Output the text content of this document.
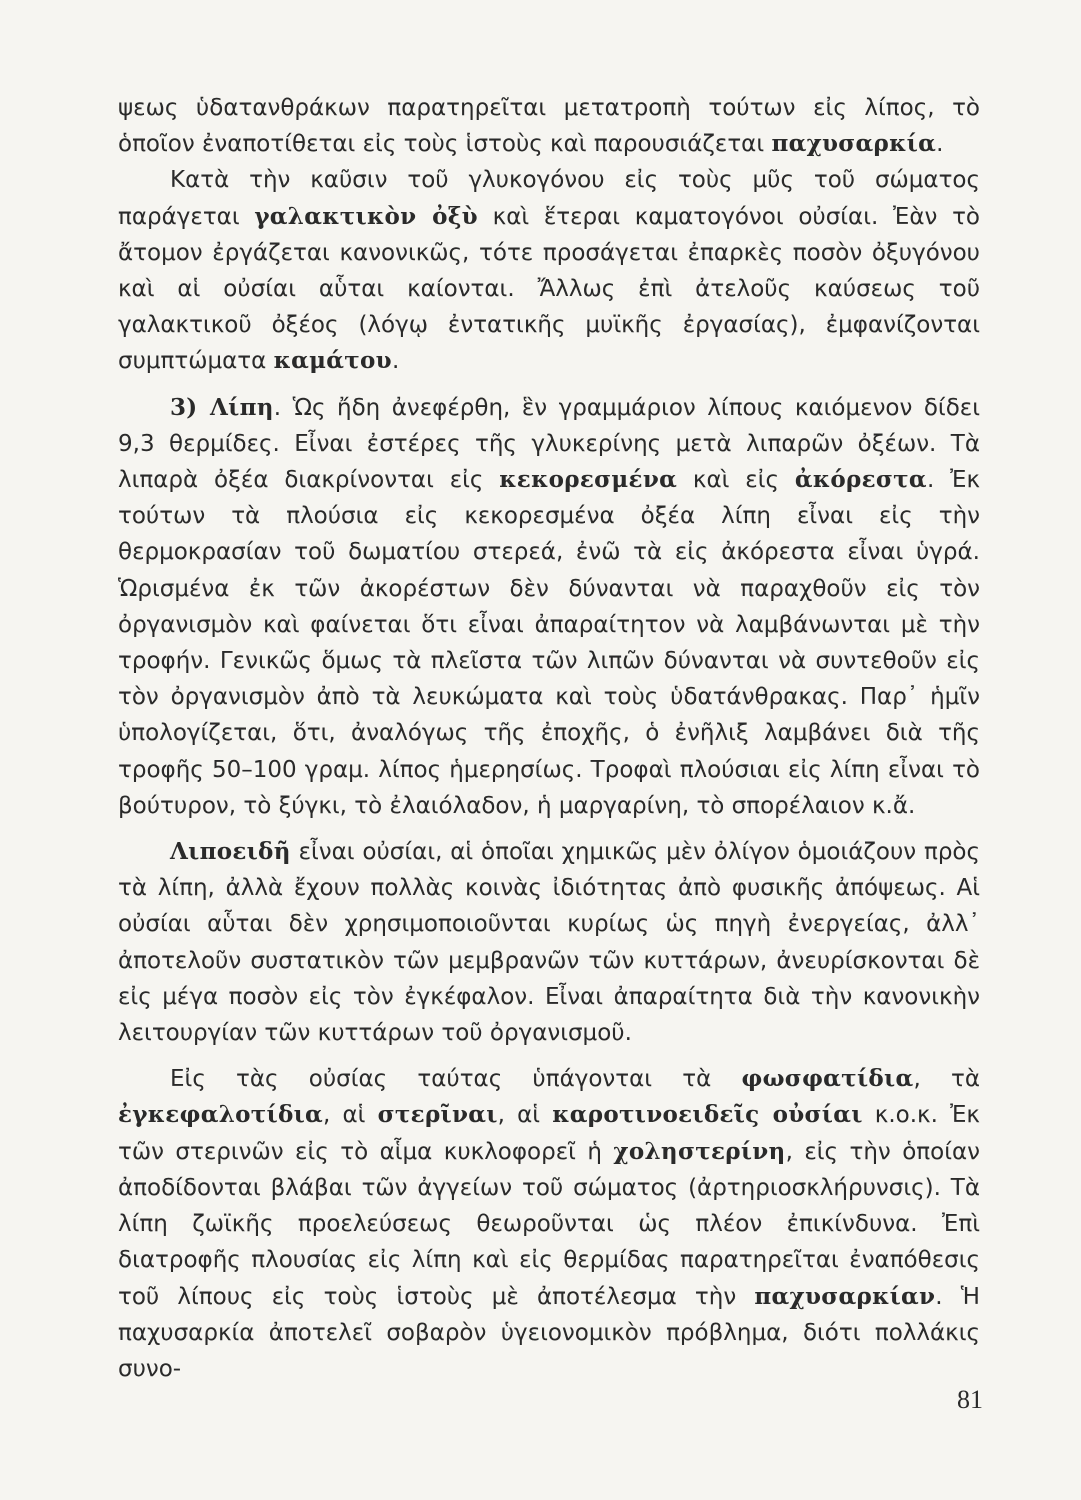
ψεως ὑδατανθράκων παρατηρεῖται μετατροπὴ τούτων εἰς λίπος, τὸ ὁποῖον ἐναποτίθεται εἰς τοὺς ἱστοὺς καὶ παρουσιάζεται παχυσαρκία.

Κατὰ τὴν καῦσιν τοῦ γλυκογόνου εἰς τοὺς μῦς τοῦ σώματος παράγεται γαλακτικὸν ὀξὺ καὶ ἕτεραι καματογόνοι οὐσίαι. Ἐὰν τὸ ἄτομον ἐργάζεται κανονικῶς, τότε προσάγεται ἐπαρκὲς ποσὸν ὀξυγόνου καὶ αἱ οὐσίαι αὗται καίονται. Ἄλλως ἐπὶ ἀτελοῦς καύσεως τοῦ γαλακτικοῦ ὀξέος (λόγῳ ἐντατικῆς μυϊκῆς ἐργασίας), ἐμφανίζονται συμπτώματα καμάτου.

3) Λίπη. Ὡς ἤδη ἀνεφέρθη, ἓν γραμμάριον λίπους καιόμενον δίδει 9,3 θερμίδες. Εἶναι ἐστέρες τῆς γλυκερίνης μετὰ λιπαρῶν ὀξέων. Τὰ λιπαρὰ ὀξέα διακρίνονται εἰς κεκορεσμένα καὶ εἰς ἀκόρεστα. Ἐκ τούτων τὰ πλούσια εἰς κεκορεσμένα ὀξέα λίπη εἶναι εἰς τὴν θερμοκρασίαν τοῦ δωματίου στερεά, ἐνῶ τὰ εἰς ἀκόρεστα εἶναι ὑγρά. Ὡρισμένα ἐκ τῶν ἀκορέστων δὲν δύνανται νὰ παραχθοῦν εἰς τὸν ὀργανισμὸν καὶ φαίνεται ὅτι εἶναι ἀπαραίτητον νὰ λαμβάνωνται μὲ τὴν τροφήν. Γενικῶς ὅμως τὰ πλεῖστα τῶν λιπῶν δύνανται νὰ συντεθοῦν εἰς τὸν ὀργανισμὸν ἀπὸ τὰ λευκώματα καὶ τοὺς ὑδατάνθρακας. Παρ᾽ ἡμῖν ὑπολογίζεται, ὅτι, ἀναλόγως τῆς ἐποχῆς, ὁ ἐνῆλιξ λαμβάνει διὰ τῆς τροφῆς 50–100 γραμ. λίπος ἡμερησίως. Τροφαὶ πλούσιαι εἰς λίπη εἶναι τὸ βούτυρον, τὸ ξύγκι, τὸ ἐλαιόλαδον, ἡ μαργαρίνη, τὸ σπορέλαιον κ.ἄ.

Λιποειδῆ εἶναι οὐσίαι, αἱ ὁποῖαι χημικῶς μὲν ὀλίγον ὁμοιάζουν πρὸς τὰ λίπη, ἀλλὰ ἔχουν πολλὰς κοινὰς ἰδιότητας ἀπὸ φυσικῆς ἀπόψεως. Αἱ οὐσίαι αὗται δὲν χρησιμοποιοῦνται κυρίως ὡς πηγὴ ἐνεργείας, ἀλλ᾽ ἀποτελοῦν συστατικὸν τῶν μεμβρανῶν τῶν κυττάρων, ἀνευρίσκονται δὲ εἰς μέγα ποσὸν εἰς τὸν ἐγκέφαλον. Εἶναι ἀπαραίτητα διὰ τὴν κανονικὴν λειτουργίαν τῶν κυττάρων τοῦ ὀργανισμοῦ.

Εἰς τὰς οὐσίας ταύτας ὑπάγονται τὰ φωσφατίδια, τὰ ἐγκεφαλοτίδια, αἱ στερῖναι, αἱ καροτινοειδεῖς οὐσίαι κ.ο.κ. Ἐκ τῶν στερινῶν εἰς τὸ αἷμα κυκλοφορεῖ ἡ χοληστερίνη, εἰς τὴν ὁποίαν ἀποδίδονται βλάβαι τῶν ἀγγείων τοῦ σώματος (ἀρτηριοσκλήρυνσις). Τὰ λίπη ζωϊκῆς προελεύσεως θεωροῦνται ὡς πλέον ἐπικίνδυνα. Ἐπὶ διατροφῆς πλουσίας εἰς λίπη καὶ εἰς θερμίδας παρατηρεῖται ἐναπόθεσις τοῦ λίπους εἰς τοὺς ἱστοὺς μὲ ἀποτέλεσμα τὴν παχυσαρκίαν. Ἡ παχυσαρκία ἀποτελεῖ σοβαρὸν ὑγειονομικὸν πρόβλημα, διότι πολλάκις συνο-

81
